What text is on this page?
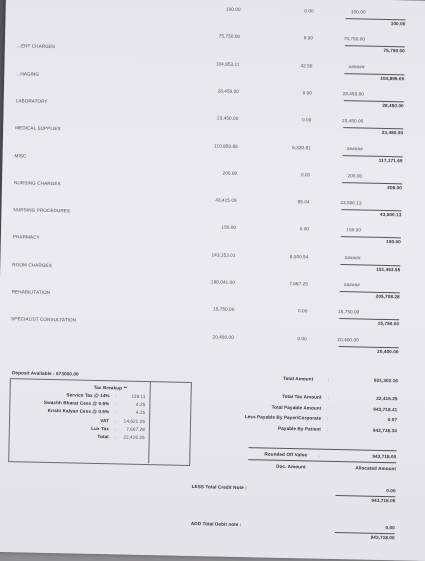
100.00	0.00	100.00
100.00
...ENT CHARGES
75,750.00	0.00	75,750.00
75,750.00
...HAGING
104,853.11	42.58	######
104,895.69
LABORATORY
28,450.00	0.00	28,450.00
28,450.00
MEDICAL SUPPLIES
23,450.00	0.00	23,450.00
23,450.00
MISC
110,850.88	6,320.81	######
117,171.69
NURSING CHARGES
205.00	0.00	205.00
205.00
NURSING PROCEDURES
43,415.09	85.04	43,500.13
43,500.13
PHARMACY
150.00	0.00	150.00
150.00
ROOM CHARGES
143,153.01	8,300.54	######
151,453.55
REHABILITATION
198,041.00	7,667.28	######
205,708.28
SPECIALIST CONSULTATION
15,750.00	0.00	15,750.00
15,750.00
20,400.00	0.00	20,400.00
20,400.00
Deposit Available : 673000.00
Total Amount	:	921,302.16
Tax Breakup **
Service Tax @ 14% :	119.11
Swachh Bharat Cess @ 0.5% :	4.25
Krishi Kalyan Cess @ 0.5% :	4.25
VAT :	14,621.25
Lux Tax :	7,667.28
Total :	22,416.25
Total Tax Amount :	22,416.25
Total Payable Amount :	943,718.41
Less Payable By Payer/Corporate :	0.07
Payable By Patient :	943,718.34
Rounded Off Value :	943,718.00
Doc. Amount	Allocated Amount
LESS Total Credit Note :
0.00
943,718.00
ADD Total Debit note :
0.00
943,718.00
